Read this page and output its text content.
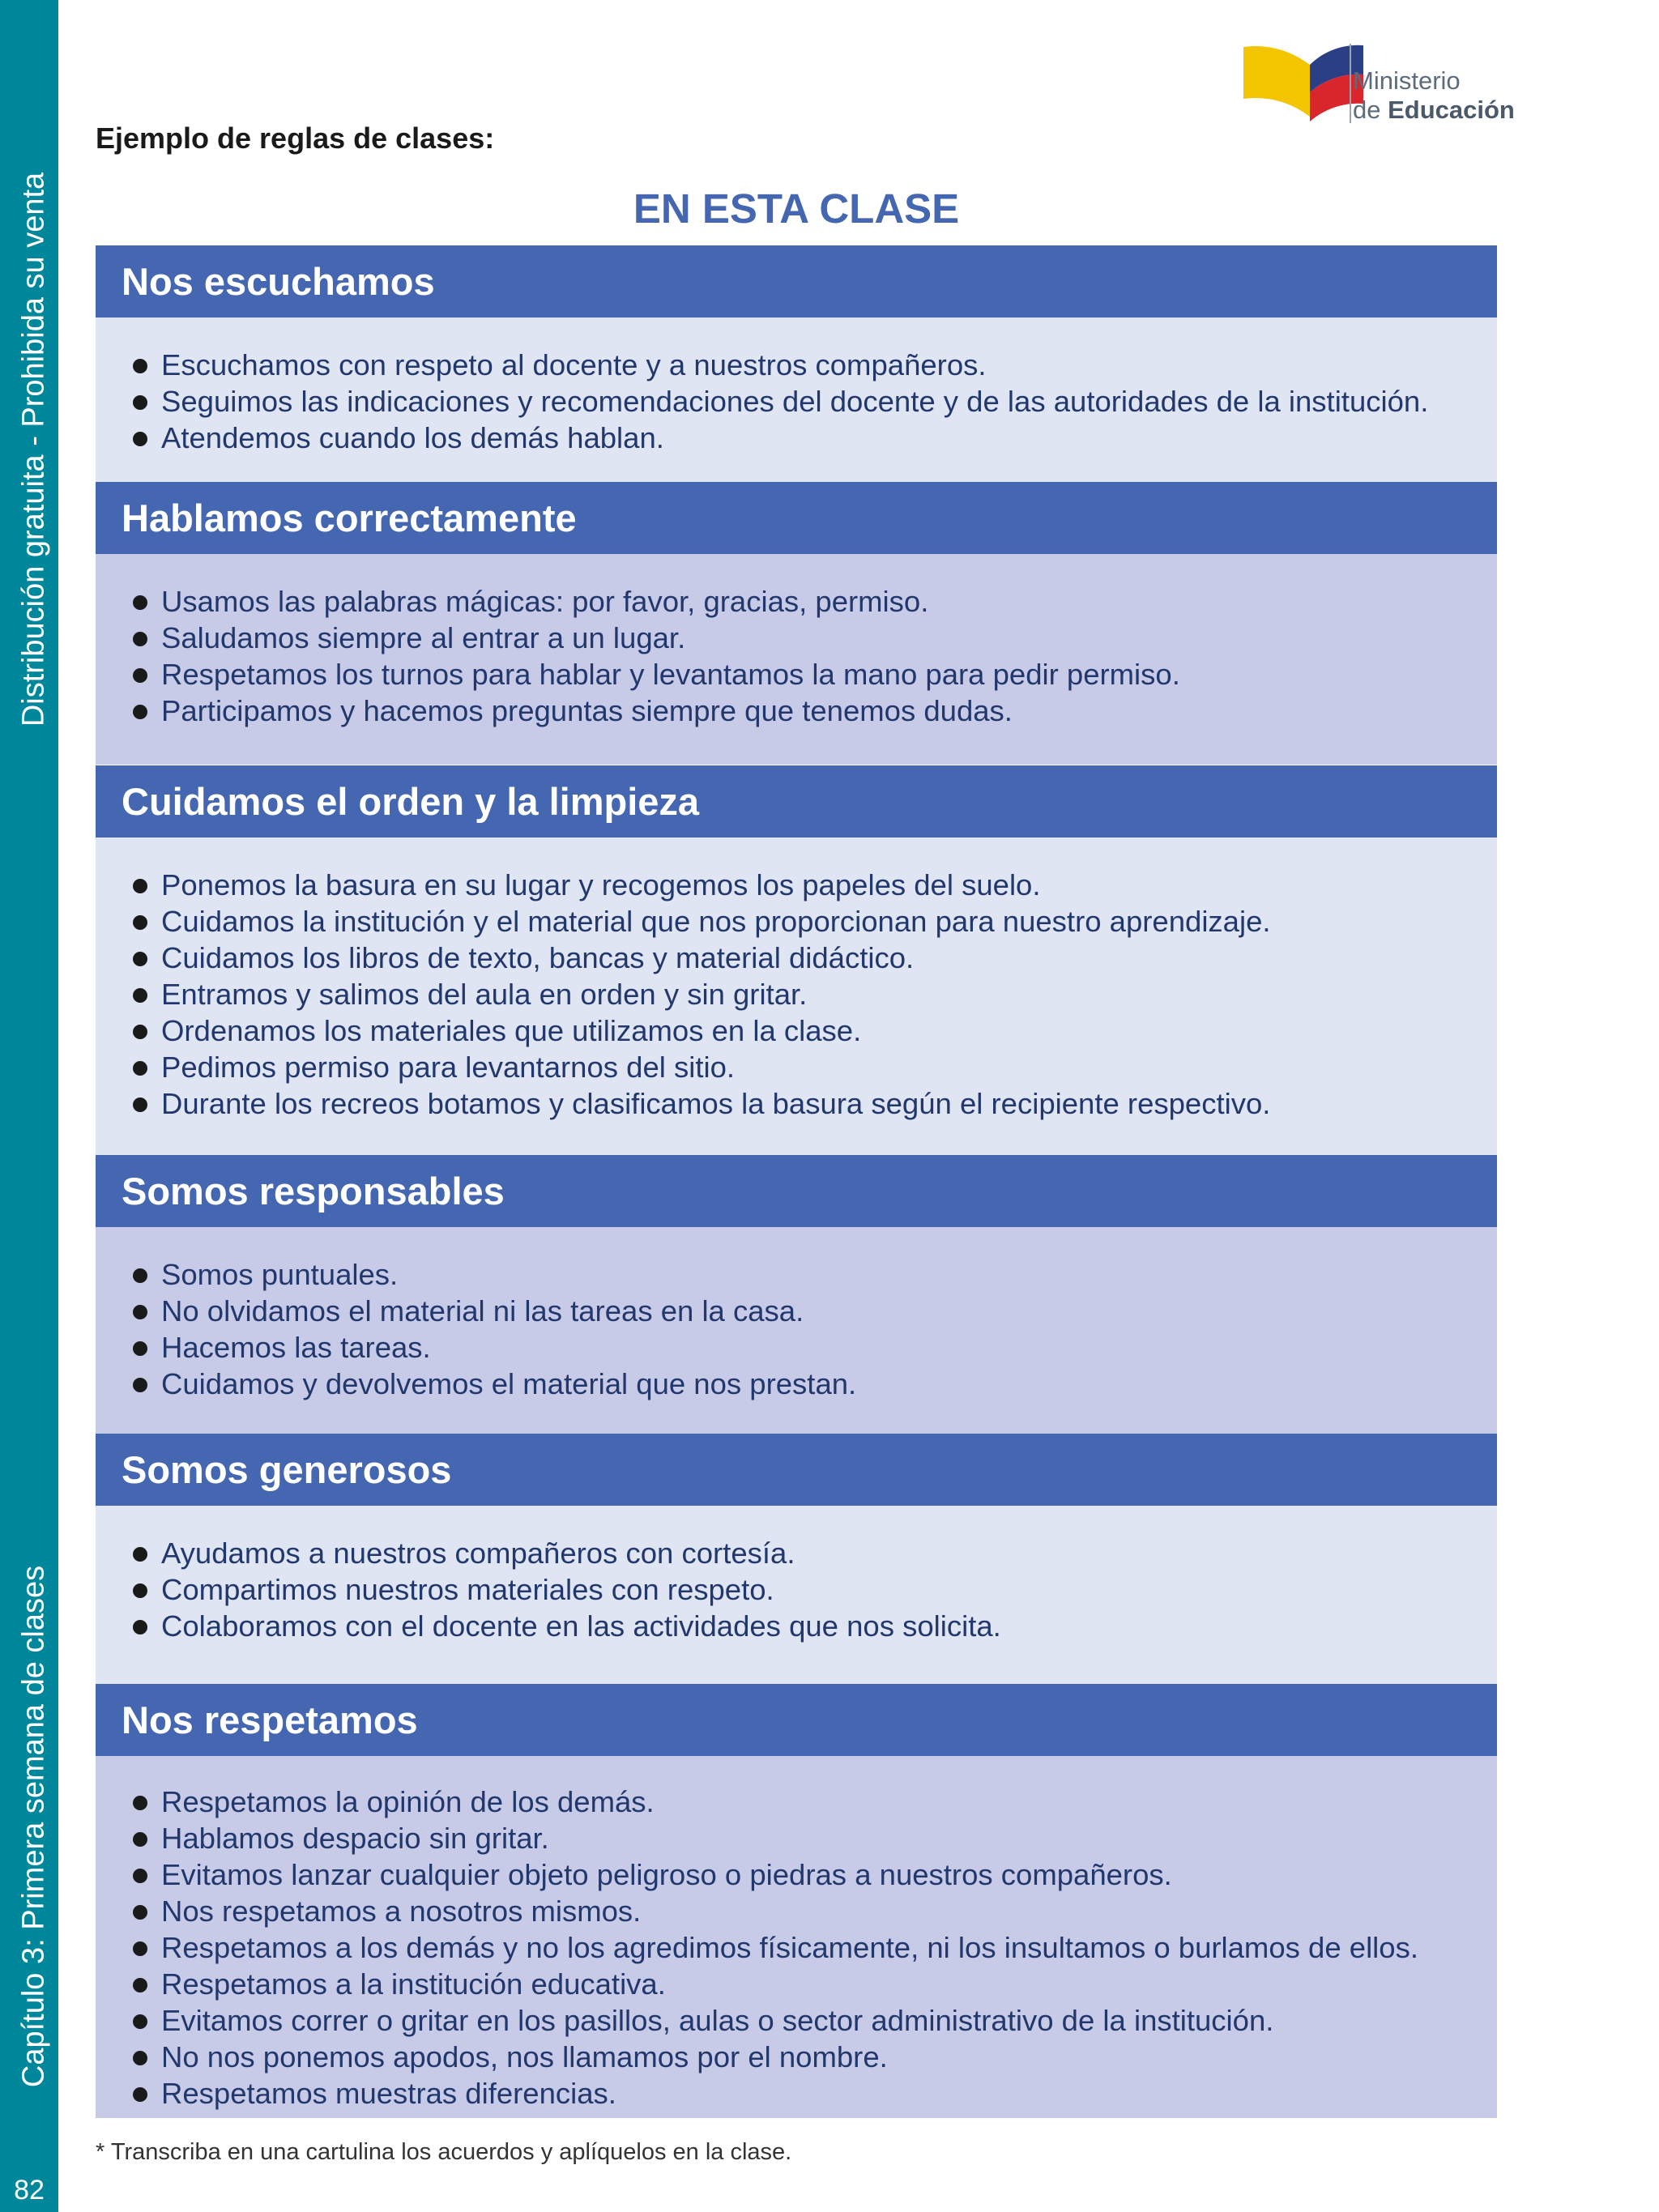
Distribución gratuita - Prohibida su venta
Capítulo 3: Primera semana de clases
82
Ministerio
de Educación
Ejemplo de reglas de clases:
EN ESTA CLASE
Nos escuchamos
Escuchamos con respeto al docente y a nuestros compañeros.
Seguimos las indicaciones y recomendaciones del docente y de las autoridades de la institución.
Atendemos cuando los demás hablan.
Hablamos correctamente
Usamos las palabras mágicas: por favor, gracias, permiso.
Saludamos siempre al entrar a un lugar.
Respetamos los turnos para hablar y levantamos la mano para pedir permiso.
Participamos y hacemos preguntas siempre que tenemos dudas.
Cuidamos el orden y la limpieza
Ponemos la basura en su lugar y recogemos los papeles del suelo.
Cuidamos la institución y el material que nos proporcionan para nuestro aprendizaje.
Cuidamos los libros de texto, bancas y material didáctico.
Entramos y salimos del aula en orden y sin gritar.
Ordenamos los materiales que utilizamos en la clase.
Pedimos permiso para levantarnos del sitio.
Durante los recreos botamos y clasificamos la basura según el recipiente respectivo.
Somos responsables
Somos puntuales.
No olvidamos el material ni las tareas en la casa.
Hacemos las tareas.
Cuidamos y devolvemos el material que nos prestan.
Somos generosos
Ayudamos a nuestros compañeros con cortesía.
Compartimos nuestros materiales con respeto.
Colaboramos con el docente en las actividades que nos solicita.
Nos respetamos
Respetamos la opinión de los demás.
Hablamos despacio sin gritar.
Evitamos lanzar cualquier objeto peligroso o piedras a nuestros compañeros.
Nos respetamos a nosotros mismos.
Respetamos a los demás y no los agredimos físicamente, ni los insultamos o burlamos de ellos.
Respetamos a la institución educativa.
Evitamos correr o gritar en los pasillos, aulas o sector administrativo de la institución.
No nos ponemos apodos, nos llamamos por el nombre.
Respetamos muestras diferencias.
* Transcriba en una cartulina los acuerdos y aplíquelos en la clase.
